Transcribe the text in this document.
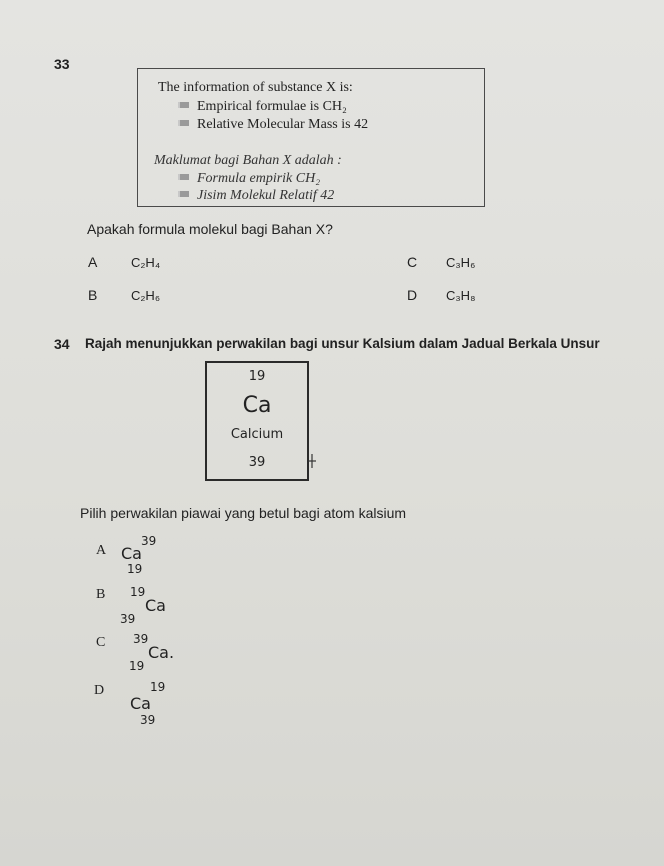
33
The information of substance X is:
Empirical formulae is CH₂
Relative Molecular Mass is 42
Maklumat bagi Bahan X adalah :
Formula empirik CH₂
Jisim Molekul Relatif 42
Apakah formula molekul bagi Bahan X?
A	C₂H₄
B	C₂H₆
C C₃H₆
D C₃H₈
34 Rajah menunjukkan perwakilan bagi unsur Kalsium dalam Jadual Berkala Unsur
19
Ca
Calcium
39
Pilih perwakilan piawai yang betul bagi atom kalsium
A
39
Ca
19
B 19
Ca
39
C 39
Ca.
19
D	19
Ca
39
